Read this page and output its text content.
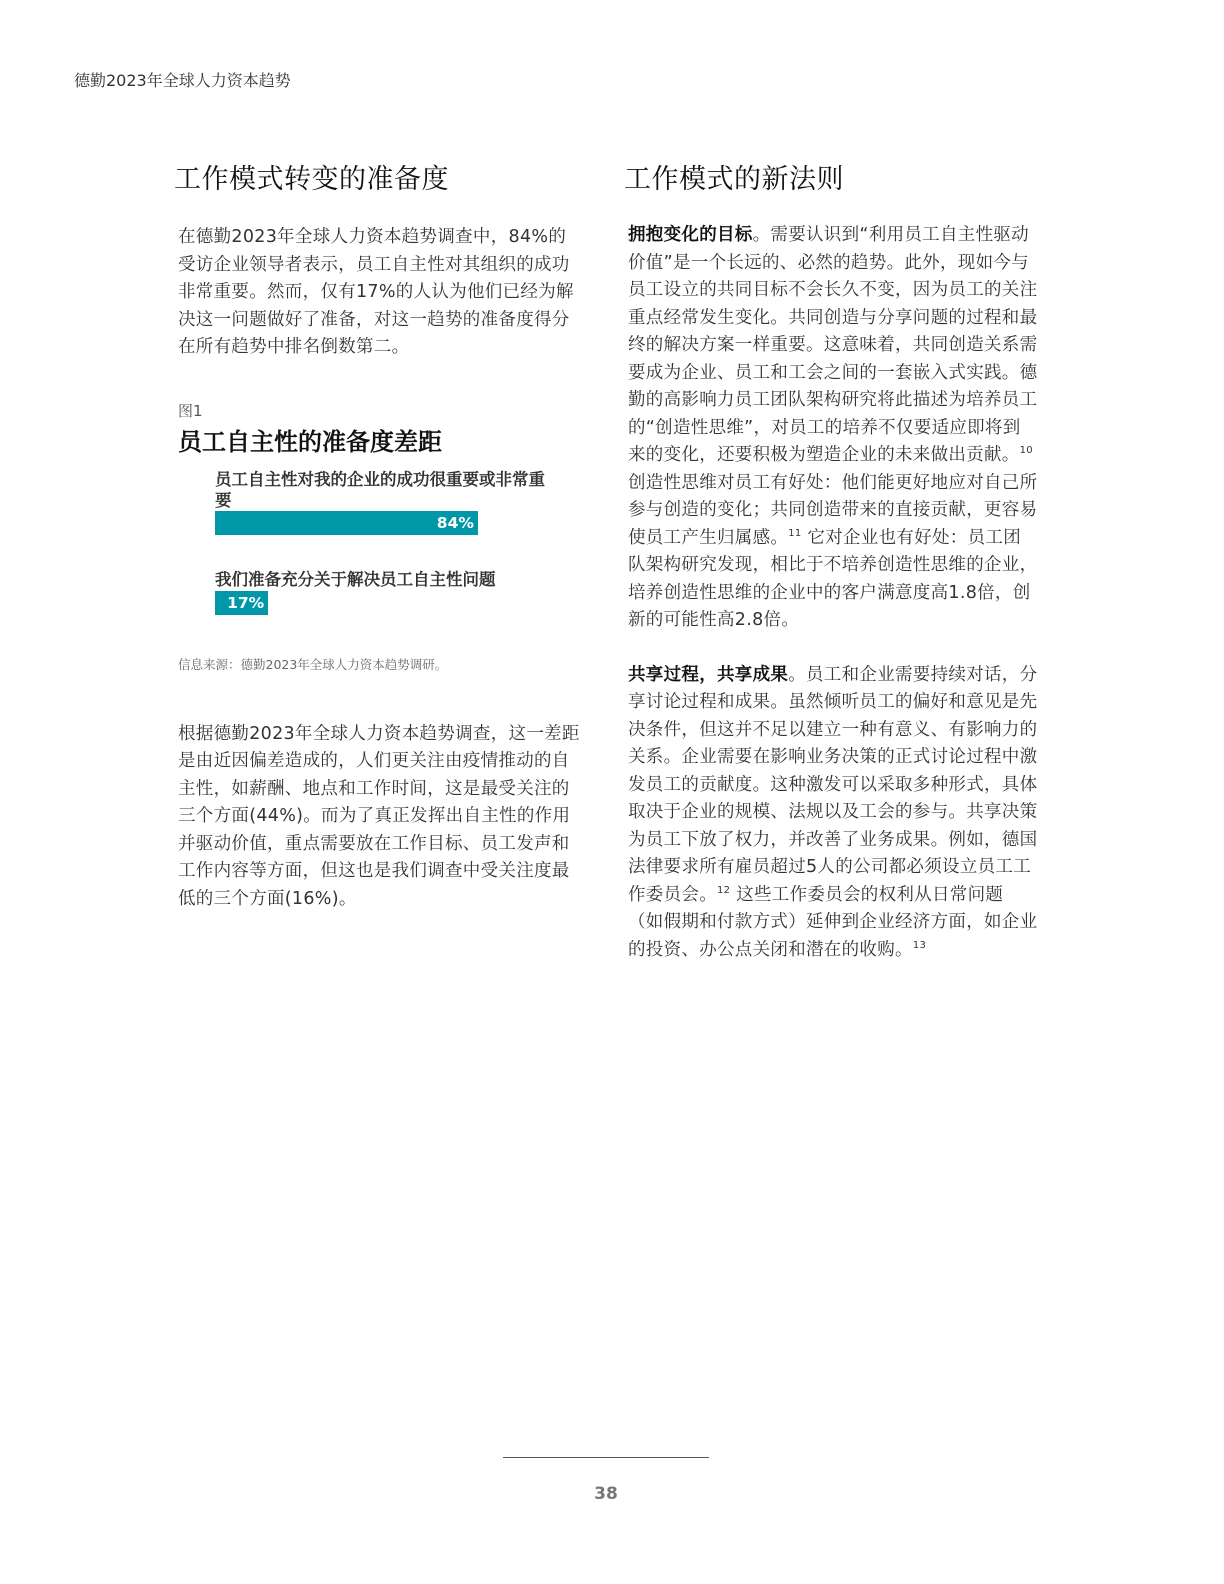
德勤2023年全球人力资本趋势
工作模式转变的准备度

在德勤2023年全球人力资本趋势调查中，84%的受访企业领导者表示，员工自主性对其组织的成功非常重要。然而，仅有17%的人认为他们已经为解决这一问题做好了准备，对这一趋势的准备度得分在所有趋势中排名倒数第二。

图1
员工自主性的准备度差距
员工自主性对我的企业的成功很重要或非常重要
84%
我们准备充分关于解决员工自主性问题
17%
信息来源：德勤2023年全球人力资本趋势调研。

根据德勤2023年全球人力资本趋势调查，这一差距是由近因偏差造成的，人们更关注由疫情推动的自主性，如薪酬、地点和工作时间，这是最受关注的三个方面(44%)。而为了真正发挥出自主性的作用并驱动价值，重点需要放在工作目标、员工发声和工作内容等方面，但这也是我们调查中受关注度最低的三个方面(16%)。

工作模式的新法则

拥抱变化的目标。需要认识到“利用员工自主性驱动价值”是一个长远的、必然的趋势。此外，现如今与员工设立的共同目标不会长久不变，因为员工的关注重点经常发生变化。共同创造与分享问题的过程和最终的解决方案一样重要。这意味着，共同创造关系需要成为企业、员工和工会之间的一套嵌入式实践。德勤的高影响力员工团队架构研究将此描述为培养员工的“创造性思维”，对员工的培养不仅要适应即将到来的变化，还要积极为塑造企业的未来做出贡献。$^{10}$ 创造性思维对员工有好处：他们能更好地应对自己所参与创造的变化；共同创造带来的直接贡献，更容易使员工产生归属感。$^{11}$ 它对企业也有好处：员工团队架构研究发现，相比于不培养创造性思维的企业，培养创造性思维的企业中的客户满意度高1.8倍，创新的可能性高2.8倍。

共享过程，共享成果。员工和企业需要持续对话，分享讨论过程和成果。虽然倾听员工的偏好和意见是先决条件，但这并不足以建立一种有意义、有影响力的关系。企业需要在影响业务决策的正式讨论过程中激发员工的贡献度。这种激发可以采取多种形式，具体取决于企业的规模、法规以及工会的参与。共享决策为员工下放了权力，并改善了业务成果。例如，德国法律要求所有雇员超过5人的公司都必须设立员工工作委员会。$^{12}$ 这些工作委员会的权利从日常问题（如假期和付款方式）延伸到企业经济方面，如企业的投资、办公点关闭和潜在的收购。$^{13}$

38
